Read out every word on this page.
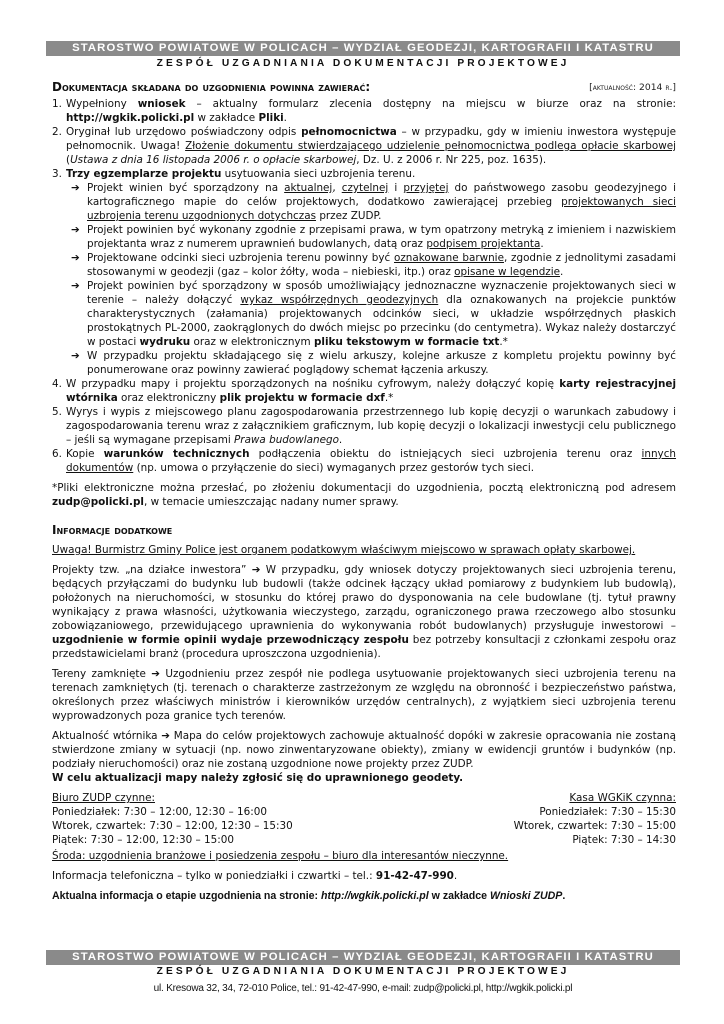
STAROSTWO POWIATOWE W POLICACH – WYDZIAŁ GEODEZJI, KARTOGRAFII I KATASTRU
ZESPÓŁ UZGADNIANIA DOKUMENTACJI PROJEKTOWEJ
Dokumentacja składana do uzgodnienia powinna zawierać:	[aktualność: 2014 r.]
1. Wypełniony wniosek – aktualny formularz zlecenia dostępny na miejscu w biurze oraz na stronie: http://wgkik.policki.pl w zakładce Pliki.
2. Oryginał lub urzędowo poświadczony odpis pełnomocnictwa – w przypadku, gdy w imieniu inwestora występuje pełnomocnik. Uwaga! Złożenie dokumentu stwierdzającego udzielenie pełnomocnictwa podlega opłacie skarbowej (Ustawa z dnia 16 listopada 2006 r. o opłacie skarbowej, Dz. U. z 2006 r. Nr 225, poz. 1635).
3. Trzy egzemplarze projektu usytuowania sieci uzbrojenia terenu.
➔ Projekt winien być sporządzony na aktualnej, czytelnej i przyjętej do państwowego zasobu geodezyjnego i kartograficznego mapie do celów projektowych, dodatkowo zawierającej przebieg projektowanych sieci uzbrojenia terenu uzgodnionych dotychczas przez ZUDP.
➔ Projekt powinien być wykonany zgodnie z przepisami prawa, w tym opatrzony metryką z imieniem i nazwiskiem projektanta wraz z numerem uprawnień budowlanych, datą oraz podpisem projektanta.
➔ Projektowane odcinki sieci uzbrojenia terenu powinny być oznakowane barwnie, zgodnie z jednolitymi zasadami stosowanymi w geodezji (gaz – kolor żółty, woda – niebieski, itp.) oraz opisane w legendzie.
➔ Projekt powinien być sporządzony w sposób umożliwiający jednoznaczne wyznaczenie projektowanych sieci w terenie – należy dołączyć wykaz współrzędnych geodezyjnych dla oznakowanych na projekcie punktów charakterystycznych (załamania) projektowanych odcinków sieci, w układzie współrzędnych płaskich prostokątnych PL-2000, zaokrąglonych do dwóch miejsc po przecinku (do centymetra). Wykaz należy dostarczyć w postaci wydruku oraz w elektronicznym pliku tekstowym w formacie txt.*
➔ W przypadku projektu składającego się z wielu arkuszy, kolejne arkusze z kompletu projektu powinny być ponumerowane oraz powinny zawierać poglądowy schemat łączenia arkuszy.
4. W przypadku mapy i projektu sporządzonych na nośniku cyfrowym, należy dołączyć kopię karty rejestracyjnej wtórnika oraz elektroniczny plik projektu w formacie dxf.*
5. Wyrys i wypis z miejscowego planu zagospodarowania przestrzennego lub kopię decyzji o warunkach zabudowy i zagospodarowania terenu wraz z załącznikiem graficznym, lub kopię decyzji o lokalizacji inwestycji celu publicznego – jeśli są wymagane przepisami Prawa budowlanego.
6. Kopie warunków technicznych podłączenia obiektu do istniejących sieci uzbrojenia terenu oraz innych dokumentów (np. umowa o przyłączenie do sieci) wymaganych przez gestorów tych sieci.

*Pliki elektroniczne można przesłać, po złożeniu dokumentacji do uzgodnienia, pocztą elektroniczną pod adresem zudp@policki.pl, w temacie umieszczając nadany numer sprawy.

Informacje dodatkowe

Uwaga! Burmistrz Gminy Police jest organem podatkowym właściwym miejscowo w sprawach opłaty skarbowej.

Projekty tzw. „na działce inwestora” ➔ W przypadku, gdy wniosek dotyczy projektowanych sieci uzbrojenia terenu, będących przyłączami do budynku lub budowli (także odcinek łączący układ pomiarowy z budynkiem lub budowlą), położonych na nieruchomości, w stosunku do której prawo do dysponowania na cele budowlane (tj. tytuł prawny wynikający z prawa własności, użytkowania wieczystego, zarządu, ograniczonego prawa rzeczowego albo stosunku zobowiązaniowego, przewidującego uprawnienia do wykonywania robót budowlanych) przysługuje inwestorowi – uzgodnienie w formie opinii wydaje przewodniczący zespołu bez potrzeby konsultacji z członkami zespołu oraz przedstawicielami branż (procedura uproszczona uzgodnienia).

Tereny zamknięte ➔ Uzgodnieniu przez zespół nie podlega usytuowanie projektowanych sieci uzbrojenia terenu na terenach zamkniętych (tj. terenach o charakterze zastrzeżonym ze względu na obronność i bezpieczeństwo państwa, określonych przez właściwych ministrów i kierowników urzędów centralnych), z wyjątkiem sieci uzbrojenia terenu wyprowadzonych poza granice tych terenów.

Aktualność wtórnika ➔ Mapa do celów projektowych zachowuje aktualność dopóki w zakresie opracowania nie zostaną stwierdzone zmiany w sytuacji (np. nowo zinwentaryzowane obiekty), zmiany w ewidencji gruntów i budynków (np. podziały nieruchomości) oraz nie zostaną uzgodnione nowe projekty przez ZUDP.
W celu aktualizacji mapy należy zgłosić się do uprawnionego geodety.

Biuro ZUDP czynne:
Poniedziałek: 7:30 – 12:00, 12:30 – 16:00
Wtorek, czwartek: 7:30 – 12:00, 12:30 – 15:30
Piątek: 7:30 – 12:00, 12:30 – 15:00
Kasa WGKiK czynna:
Poniedziałek: 7:30 – 15:30
Wtorek, czwartek: 7:30 – 15:00
Piątek: 7:30 – 14:30

Środa: uzgodnienia branżowe i posiedzenia zespołu – biuro dla interesantów nieczynne.

Informacja telefoniczna – tylko w poniedziałki i czwartki – tel.: 91-42-47-990.

Aktualna informacja o etapie uzgodnienia na stronie: http://wgkik.policki.pl w zakładce Wnioski ZUDP.

STAROSTWO POWIATOWE W POLICACH – WYDZIAŁ GEODEZJI, KARTOGRAFII I KATASTRU
ZESPÓŁ UZGADNIANIA DOKUMENTACJI PROJEKTOWEJ
ul. Kresowa 32, 34, 72-010 Police, tel.: 91-42-47-990, e-mail: zudp@policki.pl, http://wgkik.policki.pl
